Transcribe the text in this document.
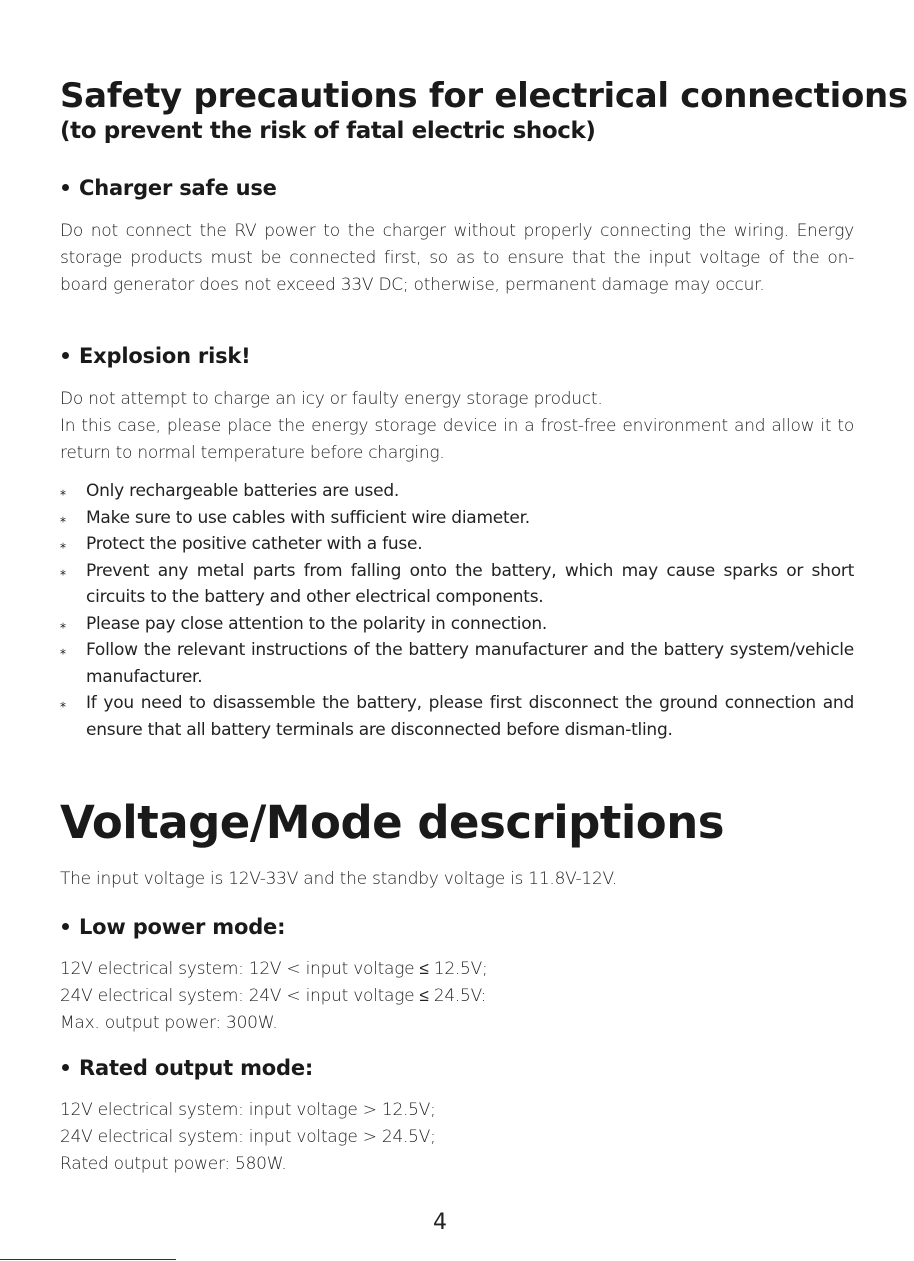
Safety precautions for electrical connections
(to prevent the risk of fatal electric shock)
Charger safe use

Do not connect the RV power to the charger without properly connecting the wiring. Energy storage products must be connected first, so as to ensure that the input voltage of the on-board generator does not exceed 33V DC; otherwise, permanent damage may occur.

Explosion risk!

Do not attempt to charge an icy or faulty energy storage product.

In this case, please place the energy storage device in a frost-free environment and allow it to return to normal temperature before charging.

⁎ Only rechargeable batteries are used.
⁎ Make sure to use cables with sufficient wire diameter.
⁎ Protect the positive catheter with a fuse.
⁎ Prevent any metal parts from falling onto the battery, which may cause sparks or short circuits to the battery and other electrical components.
⁎ Please pay close attention to the polarity in connection.
⁎ Follow the relevant instructions of the battery manufacturer and the battery system/vehicle manufacturer.
⁎ If you need to disassemble the battery, please first disconnect the ground connection and ensure that all battery terminals are disconnected before disman-tling.
Voltage/Mode descriptions

The input voltage is 12V-33V and the standby voltage is 11.8V-12V.

Low power mode:

12V electrical system: 12V < input voltage ≤ 12.5V;

24V electrical system: 24V < input voltage ≤ 24.5V:

Max. output power: 300W.

Rated output mode:

12V electrical system: input voltage > 12.5V;

24V electrical system: input voltage > 24.5V;

Rated output power: 580W.

4
